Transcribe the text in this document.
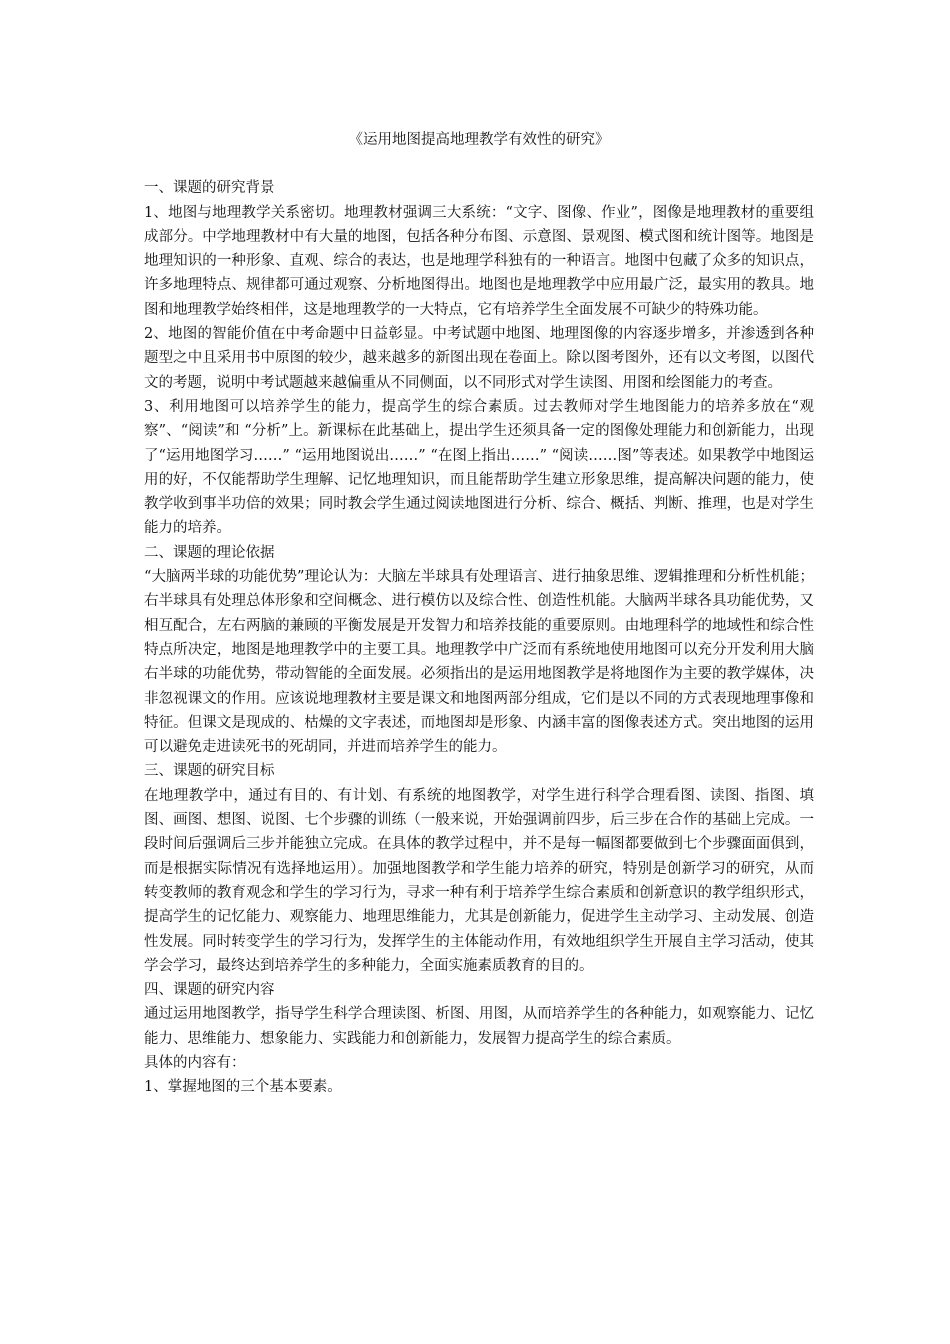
《运用地图提高地理教学有效性的研究》

一、课题的研究背景

1、地图与地理教学关系密切。地理教材强调三大系统：“文字、图像、作业”，图像是地理教材的重要组成部分。中学地理教材中有大量的地图，包括各种分布图、示意图、景观图、模式图和统计图等。地图是地理知识的一种形象、直观、综合的表达，也是地理学科独有的一种语言。地图中包藏了众多的知识点，许多地理特点、规律都可通过观察、分析地图得出。地图也是地理教学中应用最广泛，最实用的教具。地图和地理教学始终相伴，这是地理教学的一大特点，它有培养学生全面发展不可缺少的特殊功能。

2、地图的智能价值在中考命题中日益彰显。中考试题中地图、地理图像的内容逐步增多，并渗透到各种题型之中且采用书中原图的较少，越来越多的新图出现在卷面上。除以图考图外，还有以文考图，以图代文的考题，说明中考试题越来越偏重从不同侧面，以不同形式对学生读图、用图和绘图能力的考查。

3、利用地图可以培养学生的能力，提高学生的综合素质。过去教师对学生地图能力的培养多放在“观察”、“阅读”和 “分析”上。新课标在此基础上，提出学生还须具备一定的图像处理能力和创新能力，出现了“运用地图学习……” “运用地图说出……” “在图上指出……” “阅读……图”等表述。如果教学中地图运用的好，不仅能帮助学生理解、记忆地理知识，而且能帮助学生建立形象思维，提高解决问题的能力，使教学收到事半功倍的效果；同时教会学生通过阅读地图进行分析、综合、概括、判断、推理，也是对学生能力的培养。

二、课题的理论依据

“大脑两半球的功能优势”理论认为：大脑左半球具有处理语言、进行抽象思维、逻辑推理和分析性机能；右半球具有处理总体形象和空间概念、进行模仿以及综合性、创造性机能。大脑两半球各具功能优势，又相互配合，左右两脑的兼顾的平衡发展是开发智力和培养技能的重要原则。由地理科学的地域性和综合性特点所决定，地图是地理教学中的主要工具。地理教学中广泛而有系统地使用地图可以充分开发利用大脑右半球的功能优势，带动智能的全面发展。必须指出的是运用地图教学是将地图作为主要的教学媒体，决非忽视课文的作用。应该说地理教材主要是课文和地图两部分组成，它们是以不同的方式表现地理事像和特征。但课文是现成的、枯燥的文字表述，而地图却是形象、内涵丰富的图像表述方式。突出地图的运用可以避免走进读死书的死胡同，并进而培养学生的能力。

三、课题的研究目标

在地理教学中，通过有目的、有计划、有系统的地图教学，对学生进行科学合理看图、读图、指图、填图、画图、想图、说图、七个步骤的训练（一般来说，开始强调前四步，后三步在合作的基础上完成。一段时间后强调后三步并能独立完成。在具体的教学过程中，并不是每一幅图都要做到七个步骤面面俱到，而是根据实际情况有选择地运用）。加强地图教学和学生能力培养的研究，特别是创新学习的研究，从而转变教师的教育观念和学生的学习行为，寻求一种有利于培养学生综合素质和创新意识的教学组织形式，提高学生的记忆能力、观察能力、地理思维能力，尤其是创新能力，促进学生主动学习、主动发展、创造性发展。同时转变学生的学习行为，发挥学生的主体能动作用，有效地组织学生开展自主学习活动，使其学会学习，最终达到培养学生的多种能力，全面实施素质教育的目的。

四、课题的研究内容

通过运用地图教学，指导学生科学合理读图、析图、用图，从而培养学生的各种能力，如观察能力、记忆能力、思维能力、想象能力、实践能力和创新能力，发展智力提高学生的综合素质。

具体的内容有：

1、掌握地图的三个基本要素。
